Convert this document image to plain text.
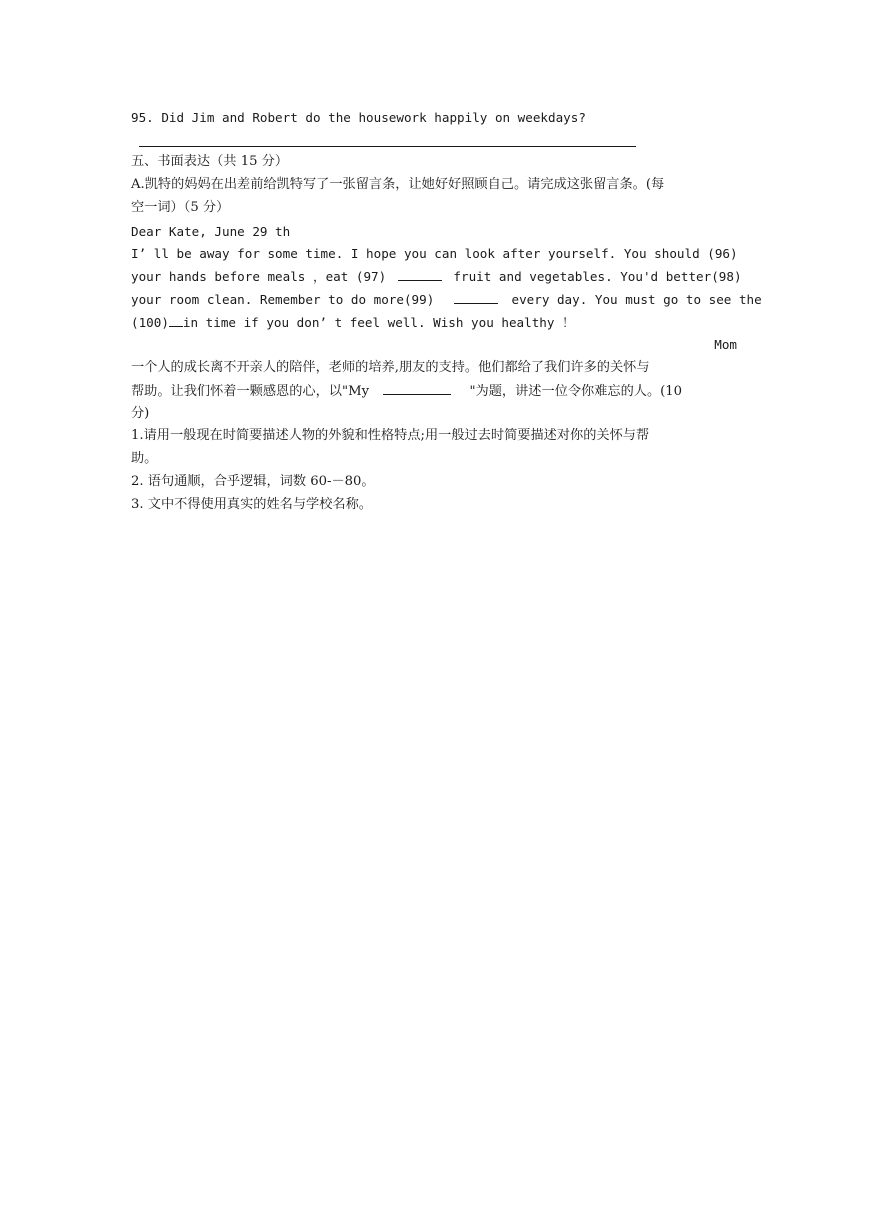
95. Did Jim and Robert do the housework happily on weekdays?
五、书面表达（共 15 分）
A.凯特的妈妈在出差前给凯特写了一张留言条，让她好好照顾自己。请完成这张留言条。(每
空一词）（5 分）
Dear Kate, June 29 th
I’ ll be away for some time. I hope you can look after yourself. You should (96)
your hands before meals ，eat (97)	fruit and vegetables. You'd better(98)
your room clean. Remember to do more(99)	every day. You must go to see the
(100) in time if you don’ t feel well. Wish you healthy ！
Mom
一个人的成长离不开亲人的陪伴，老师的培养,朋友的支持。他们都给了我们许多的关怀与
帮助。让我们怀着一颗感恩的心，以"My	"为题，讲述一位令你难忘的人。(10
分)
1.请用一般现在时简要描述人物的外貌和性格特点;用一般过去时简要描述对你的关怀与帮
助。
2. 语句通顺，合乎逻辑，词数 60-－80。
3. 文中不得使用真实的姓名与学校名称。
